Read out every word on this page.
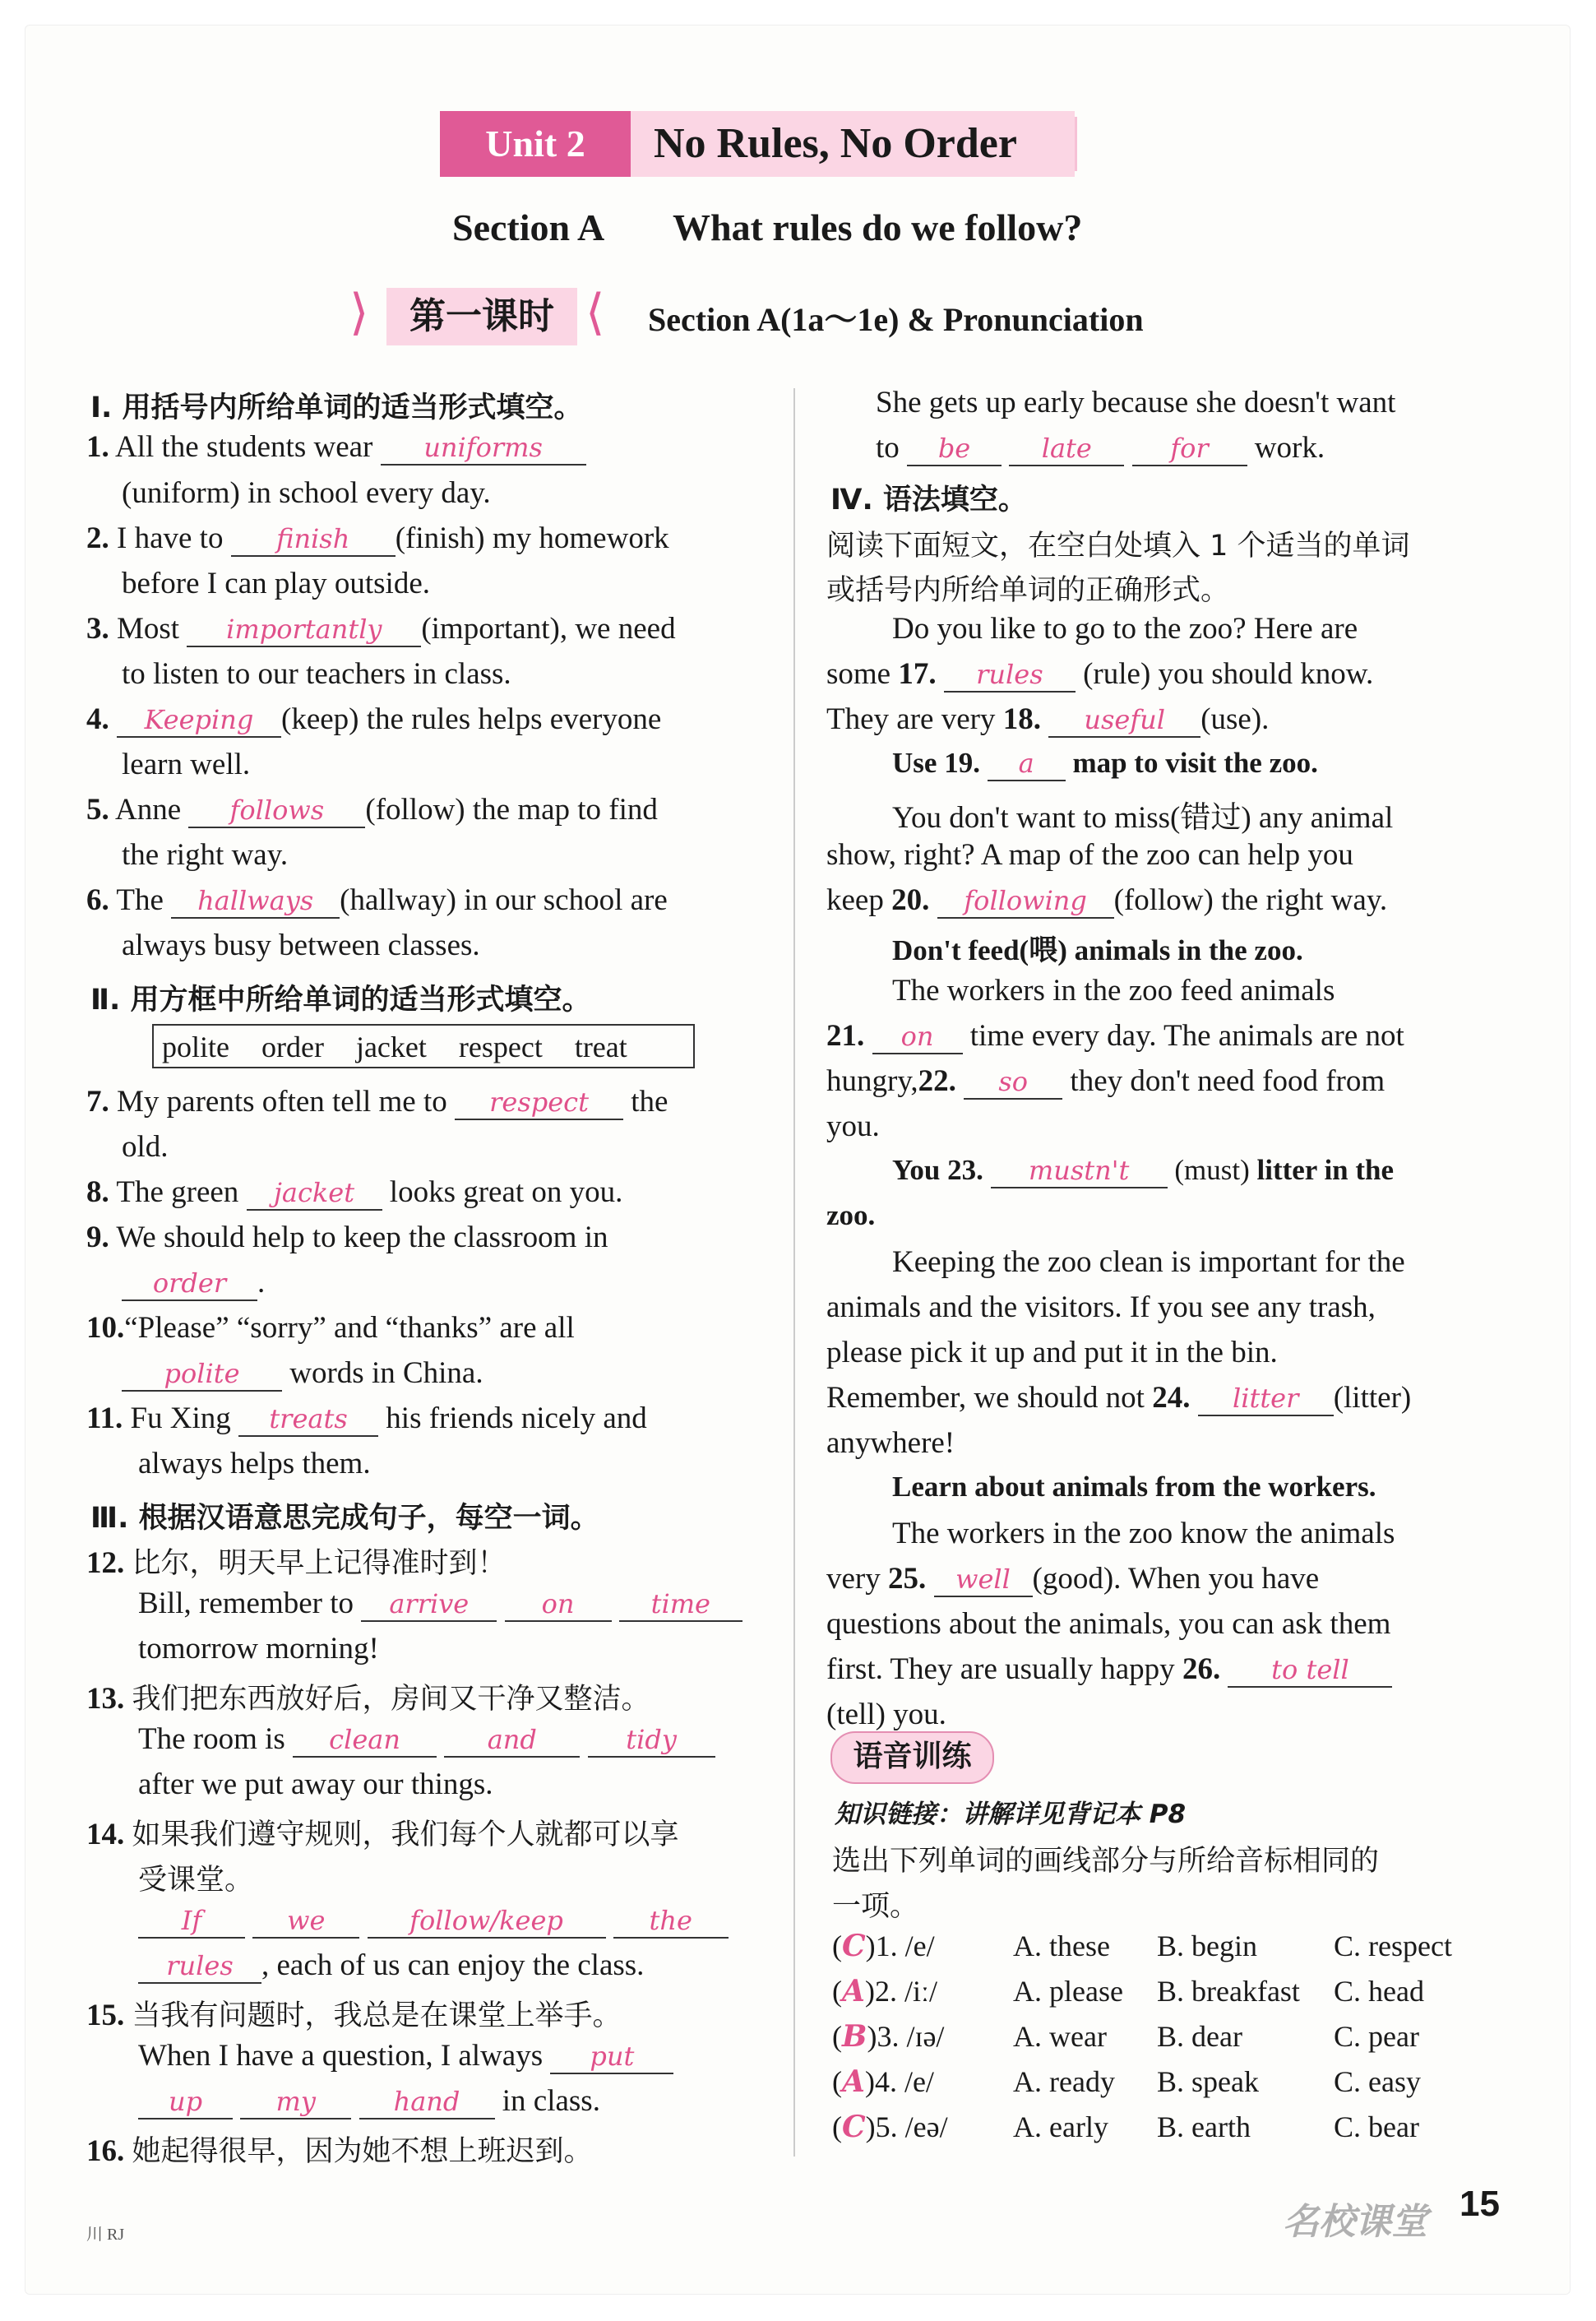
Unit 2	No Rules, No Order
Section A What rules do we follow?
⟩	第一课时 ⟨ Section A(1a～1e) & Pronunciation
Ⅰ. 用括号内所给单词的适当形式填空。
1. All the students wear uniforms
(uniform) in school every day.
2. I have to finish (finish) my homework
before I can play outside.
3. Most importantly (important), we need
to listen to our teachers in class.
4. Keeping (keep) the rules helps everyone
learn well.
5. Anne follows (follow) the map to find
the right way.
6. The hallways (hallway) in our school are
always busy between classes.
Ⅱ. 用方框中所给单词的适当形式填空。
polite order jacket respect treat
7. My parents often tell me to respect the
old.
8. The green jacket looks great on you.
9. We should help to keep the classroom in
order .
10.“Please” “sorry” and “thanks” are all
polite words in China.
11. Fu Xing treats his friends nicely and
always helps them.
Ⅲ. 根据汉语意思完成句子，每空一词。
12. 比尔，明天早上记得准时到！
Bill, remember to arrive	on	time
tomorrow morning!
13. 我们把东西放好后，房间又干净又整洁。
The room is clean	and	tidy
after we put away our things.
14. 如果我们遵守规则，我们每个人就都可以享
受课堂。
If	we	follow/keep	the
rules , each of us can enjoy the class.
15. 当我有问题时，我总是在课堂上举手。
When I have a question, I always put
up	my	hand in class.
16. 她起得很早，因为她不想上班迟到。
She gets up early because she doesn't want
to be	late	for work.
Ⅳ. 语法填空。
阅读下面短文，在空白处填入 1 个适当的单词
或括号内所给单词的正确形式。
Do you like to go to the zoo? Here are
some 17. rules (rule) you should know.
They are very 18. useful (use).
Use 19. a map to visit the zoo.
You don't want to miss(错过) any animal
show, right? A map of the zoo can help you
keep 20. following (follow) the right way.
Don't feed(喂) animals in the zoo.
The workers in the zoo feed animals
21. on time every day. The animals are not
hungry,22. so they don't need food from
you.
You 23. mustn't (must) litter in the
zoo.
Keeping the zoo clean is important for the
animals and the visitors. If you see any trash,
please pick it up and put it in the bin.
Remember, we should not 24. litter (litter)
anywhere!
Learn about animals from the workers.
The workers in the zoo know the animals
very 25. well (good). When you have
questions about the animals, you can ask them
first. They are usually happy 26. to tell
(tell) you.
语音训练
知识链接：讲解详见背记本 P8
选出下列单词的画线部分与所给音标相同的
一项。
(C)1. /e/	A. these B. begin	C. respect
(A)2. /iː/	A. please B. breakfast C. head
(B)3. /ɪə/ A. wear B. dear	C. pear
(A)4. /e/	A. ready B. speak	C. easy
(C)5. /eə/ A. early B. earth	C. bear
川 RJ	名校课堂 15
